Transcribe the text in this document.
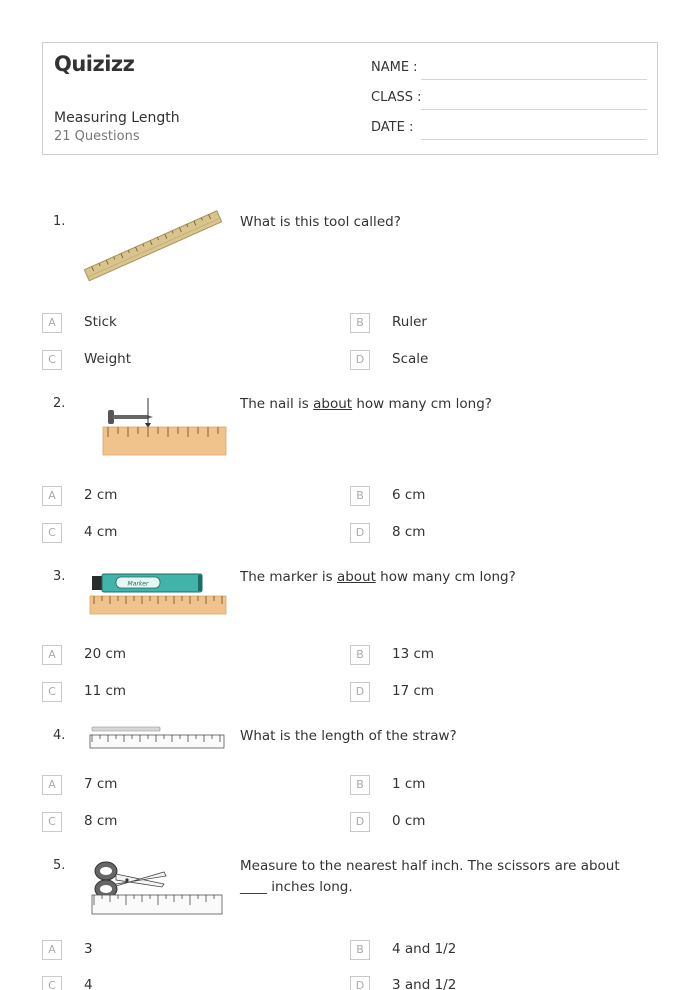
Quizizz
Measuring Length
21 Questions
NAME :
CLASS :
DATE :
1.	What is this tool called?
A	Stick	B	Ruler
C	Weight	D	Scale
2.	The nail is about how many cm long?
A	2 cm	B	6 cm
C	4 cm	D	8 cm
3.	Marker	The marker is about how many cm long?
A	20 cm	B	13 cm
C	11 cm	D	17 cm
4.	What is the length of the straw?
A	7 cm	B	1 cm
C	8 cm	D	0 cm
5.	Measure to the nearest half inch. The scissors are about ____ inches long.
A	3	B	4 and 1/2
C	4	D	3 and 1/2
